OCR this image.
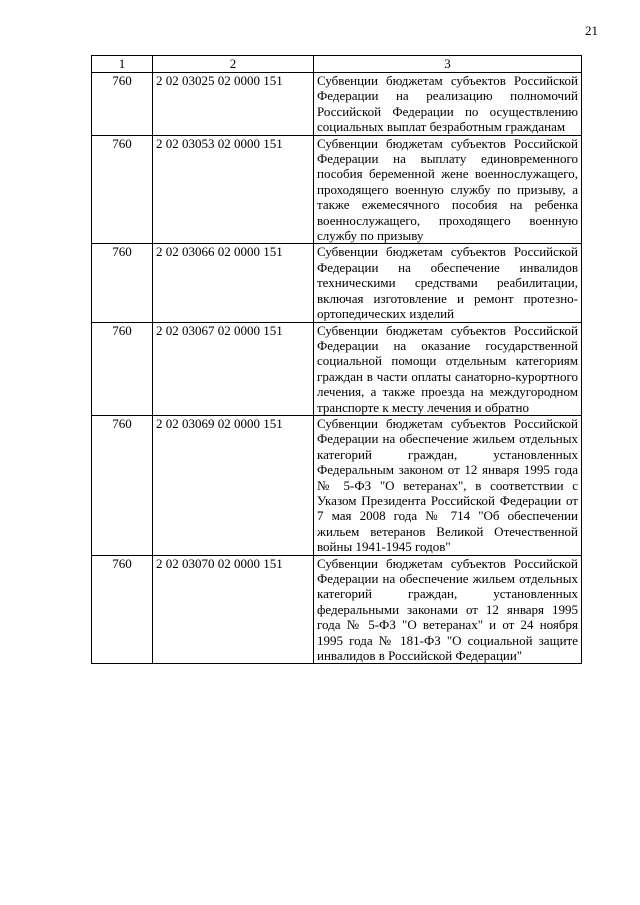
21
1	2	3
760	2 02 03025 02 0000 151	Субвенции бюджетам субъектов Российской Федерации на реализацию полномочий Российской Федерации по осуществлению социальных выплат безработным гражданам
760	2 02 03053 02 0000 151	Субвенции бюджетам субъектов Российской Федерации на выплату единовременного пособия беременной жене военнослужащего, проходящего военную службу по призыву, а также ежемесячного пособия на ребенка военнослужащего, проходящего военную службу по призыву
760	2 02 03066 02 0000 151	Субвенции бюджетам субъектов Российской Федерации на обеспечение инвалидов техническими средствами реабилитации, включая изготовление и ремонт протезно-ортопедических изделий
760	2 02 03067 02 0000 151	Субвенции бюджетам субъектов Российской Федерации на оказание государственной социальной помощи отдельным категориям граждан в части оплаты санаторно-курортного лечения, а также проезда на междугородном транспорте к месту лечения и обратно
760	2 02 03069 02 0000 151	Субвенции бюджетам субъектов Российской Федерации на обеспечение жильем отдельных категорий граждан, установленных Федеральным законом от 12 января 1995 года № 5-ФЗ "О ветеранах", в соответствии с Указом Президента Российской Федерации от 7 мая 2008 года № 714 "Об обеспечении жильем ветеранов Великой Отечественной войны 1941-1945 годов"
760	2 02 03070 02 0000 151	Субвенции бюджетам субъектов Российской Федерации на обеспечение жильем отдельных категорий граждан, установленных федеральными законами от 12 января 1995 года № 5-ФЗ "О ветеранах" и от 24 ноября 1995 года № 181-ФЗ "О социальной защите инвалидов в Российской Федерации"
